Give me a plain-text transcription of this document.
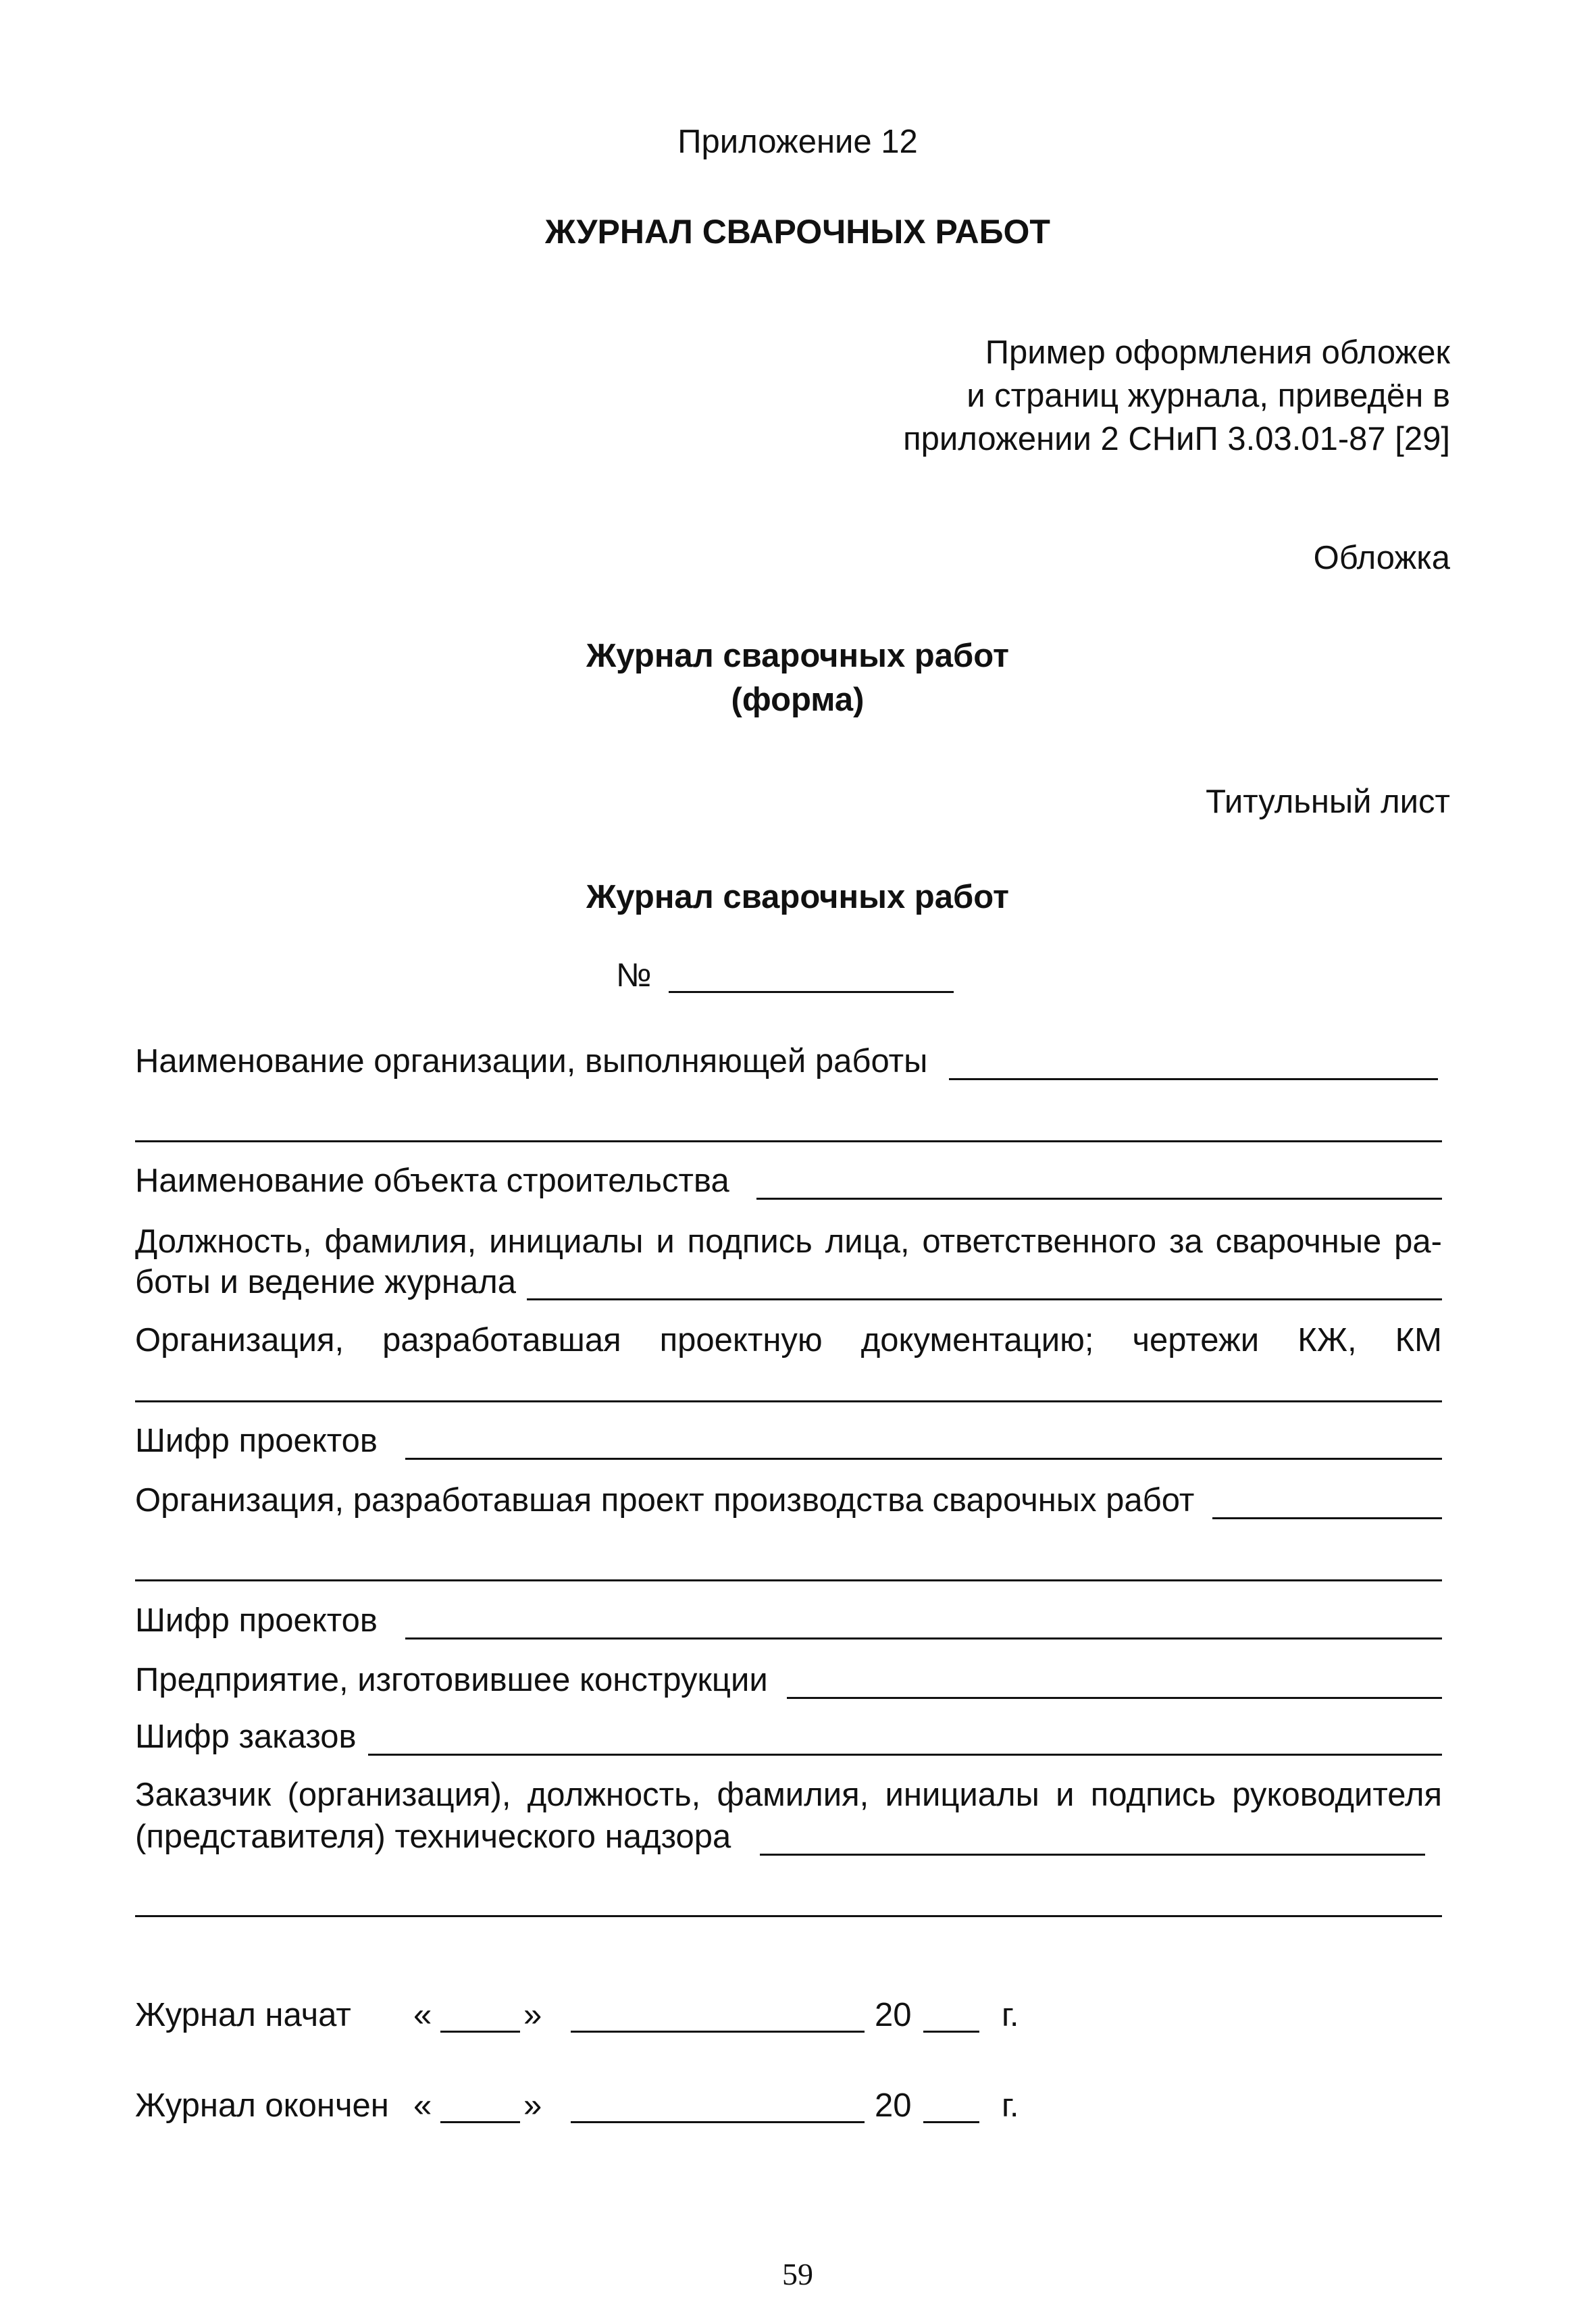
Приложение 12
ЖУРНАЛ СВАРОЧНЫХ РАБОТ
Пример оформления обложек
и страниц журнала, приведён в
приложении 2 СНиП 3.03.01-87 [29]
Обложка
Журнал сварочных работ
(форма)
Титульный лист
Журнал сварочных работ
№
Наименование организации, выполняющей работы
Наименование объекта строительства
Должность, фамилия, инициалы и подпись лица, ответственного за сварочные ра-
боты и ведение журнала
Организация, разработавшая проектную документацию; чертежи КЖ, КМ
Шифр проектов
Организация, разработавшая проект производства сварочных работ
Шифр проектов
Предприятие, изготовившее конструкции
Шифр заказов
Заказчик (организация), должность, фамилия, инициалы и подпись руководителя
(представителя) технического надзора
Журнал начат «	»	20	г.
Журнал окончен «	»	20	г.
59
